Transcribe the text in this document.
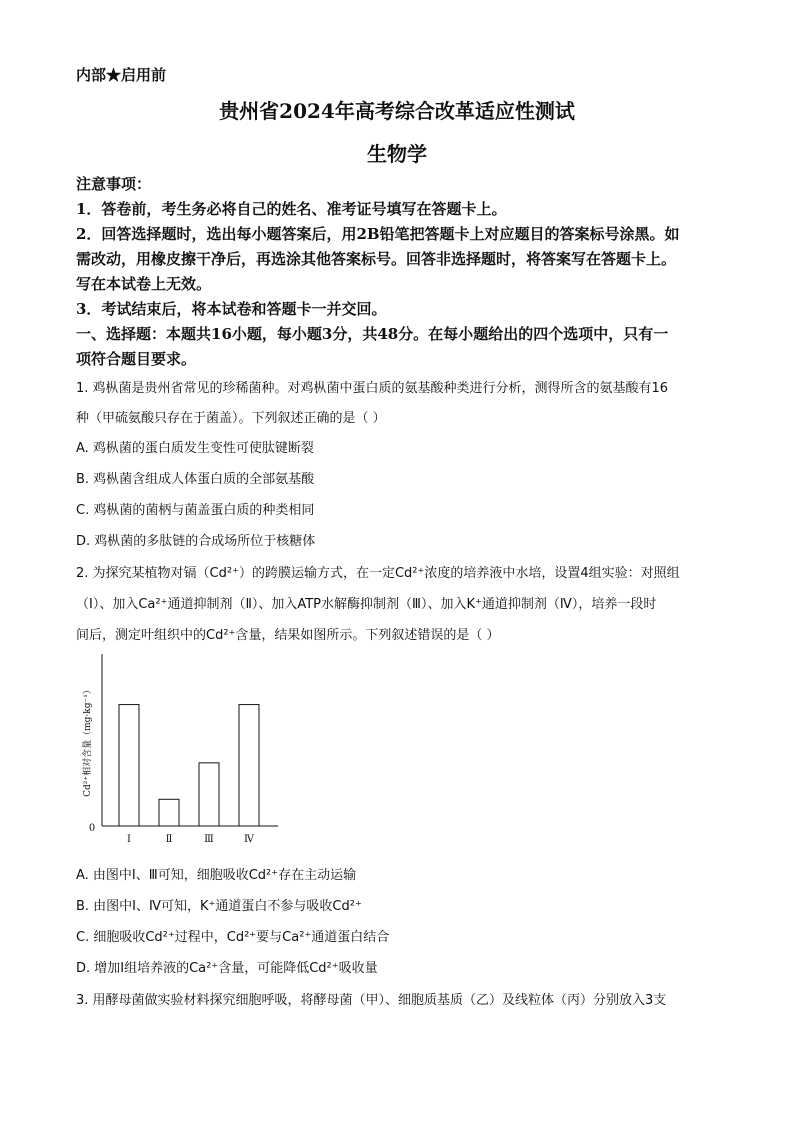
内部★启用前
贵州省2024年高考综合改革适应性测试
生物学
注意事项：
1．答卷前，考生务必将自己的姓名、准考证号填写在答题卡上。
2．回答选择题时，选出每小题答案后，用2B铅笔把答题卡上对应题目的答案标号涂黑。如
需改动，用橡皮擦干净后，再选涂其他答案标号。回答非选择题时，将答案写在答题卡上。
写在本试卷上无效。
3．考试结束后，将本试卷和答题卡一并交回。
一、选择题：本题共16小题，每小题3分，共48分。在每小题给出的四个选项中，只有一
项符合题目要求。
1. 鸡枞菌是贵州省常见的珍稀菌种。对鸡枞菌中蛋白质的氨基酸种类进行分析，测得所含的氨基酸有16
种（甲硫氨酸只存在于菌盖）。下列叙述正确的是（ ）
A. 鸡枞菌的蛋白质发生变性可使肽键断裂
B. 鸡枞菌含组成人体蛋白质的全部氨基酸
C. 鸡枞菌的菌柄与菌盖蛋白质的种类相同
D. 鸡枞菌的多肽链的合成场所位于核糖体
2. 为探究某植物对镉（Cd²⁺）的跨膜运输方式，在一定Cd²⁺浓度的培养液中水培，设置4组实验：对照组
（Ⅰ）、加入Ca²⁺通道抑制剂（Ⅱ）、加入ATP水解酶抑制剂（Ⅲ）、加入K⁺通道抑制剂（Ⅳ），培养一段时
间后，测定叶组织中的Cd²⁺含量，结果如图所示。下列叙述错误的是（ ）
0
Cd²⁺相对含量（mg·kg⁻¹）
Ⅰ	Ⅱ	Ⅲ	Ⅳ
A. 由图中Ⅰ、Ⅲ可知，细胞吸收Cd²⁺存在主动运输
B. 由图中Ⅰ、Ⅳ可知，K⁺通道蛋白不参与吸收Cd²⁺
C. 细胞吸收Cd²⁺过程中，Cd²⁺要与Ca²⁺通道蛋白结合
D. 增加Ⅰ组培养液的Ca²⁺含量，可能降低Cd²⁺吸收量
3. 用酵母菌做实验材料探究细胞呼吸，将酵母菌（甲）、细胞质基质（乙）及线粒体（丙）分别放入3支
